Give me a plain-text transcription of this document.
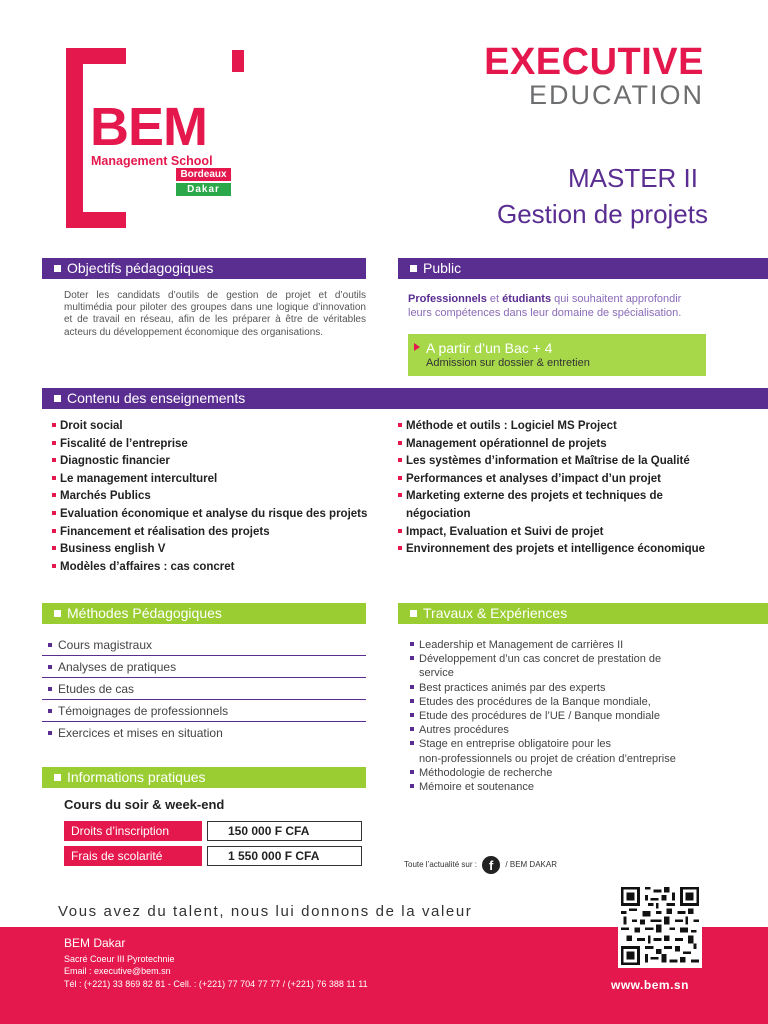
BEM
Management School
Bordeaux
Dakar
EXECUTIVE
EDUCATION
MASTER II
Gestion de projets
Objectifs pédagogiques
Doter les candidats d’outils de gestion de projet et d’outils multimédia pour piloter des groupes dans une logique d’innovation et de travail en réseau, afin de les préparer à être de véritables acteurs du développement économique des organisations.
Public
Professionnels et étudiants qui souhaitent approfondir
leurs compétences dans leur domaine de spécialisation.
A partir d’un Bac + 4
Admission sur dossier & entretien
Contenu des enseignements
Droit social
Fiscalité de l’entreprise
Diagnostic financier
Le management interculturel
Marchés Publics
Evaluation économique et analyse du risque des projets
Financement et réalisation des projets
Business english V
Modèles d’affaires : cas concret
Méthode et outils : Logiciel MS Project
Management opérationnel de projets
Les systèmes d’information et Maîtrise de la Qualité
Performances et analyses d’impact d’un projet
Marketing externe des projets et techniques de
négociation
Impact, Evaluation et Suivi de projet
Environnement des projets et intelligence économique
Méthodes Pédagogiques
Cours magistraux
Analyses de pratiques
Etudes de cas
Témoignages de professionnels
Exercices et mises en situation
Travaux & Expériences
Leadership et Management de carrières II
Développement d’un cas concret de prestation de
service
Best practices animés par des experts
Etudes des procédures de la Banque mondiale,
Etude des procédures de l’UE / Banque mondiale
Autres procédures
Stage en entreprise obligatoire pour les
non-professionnels ou projet de création d’entreprise
Méthodologie de recherche
Mémoire et soutenance
Informations pratiques
Cours du soir & week-end
Droits d’inscription	150 000 F CFA
Frais de scolarité	1 550 000 F CFA
Toute l’actualité sur : f / BEM DAKAR
Vous avez du talent, nous lui donnons de la valeur
BEM Dakar
Sacré Coeur III Pyrotechnie
Email : executive@bem.sn
Tél : (+221) 33 869 82 81 - Cell. : (+221) 77 704 77 77 / (+221) 76 388 11 11	www.bem.sn
